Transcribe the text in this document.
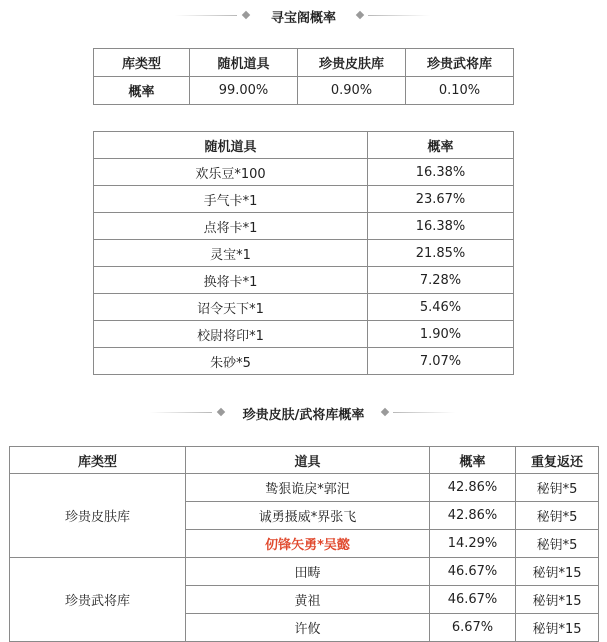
寻宝阁概率
库类型	随机道具	珍贵皮肤库	珍贵武将库
概率	99.00%	0.90%	0.10%
随机道具	概率
欢乐豆*100	16.38%
手气卡*1	23.67%
点将卡*1	16.38%
灵宝*1	21.85%
换将卡*1	7.28%
诏令天下*1	5.46%
校尉将印*1	1.90%
朱砂*5	7.07%
珍贵皮肤/武将库概率
库类型	道具	概率	重复返还
珍贵皮肤库	鸷狠诡戾*郭汜	42.86%	秘钥*5
	诚勇摄威*界张飞	42.86%	秘钥*5
	仞锋矢勇*吴懿	14.29%	秘钥*5
珍贵武将库	田畴	46.67%	秘钥*15
	黄祖	46.67%	秘钥*15
	许攸	6.67%	秘钥*15
